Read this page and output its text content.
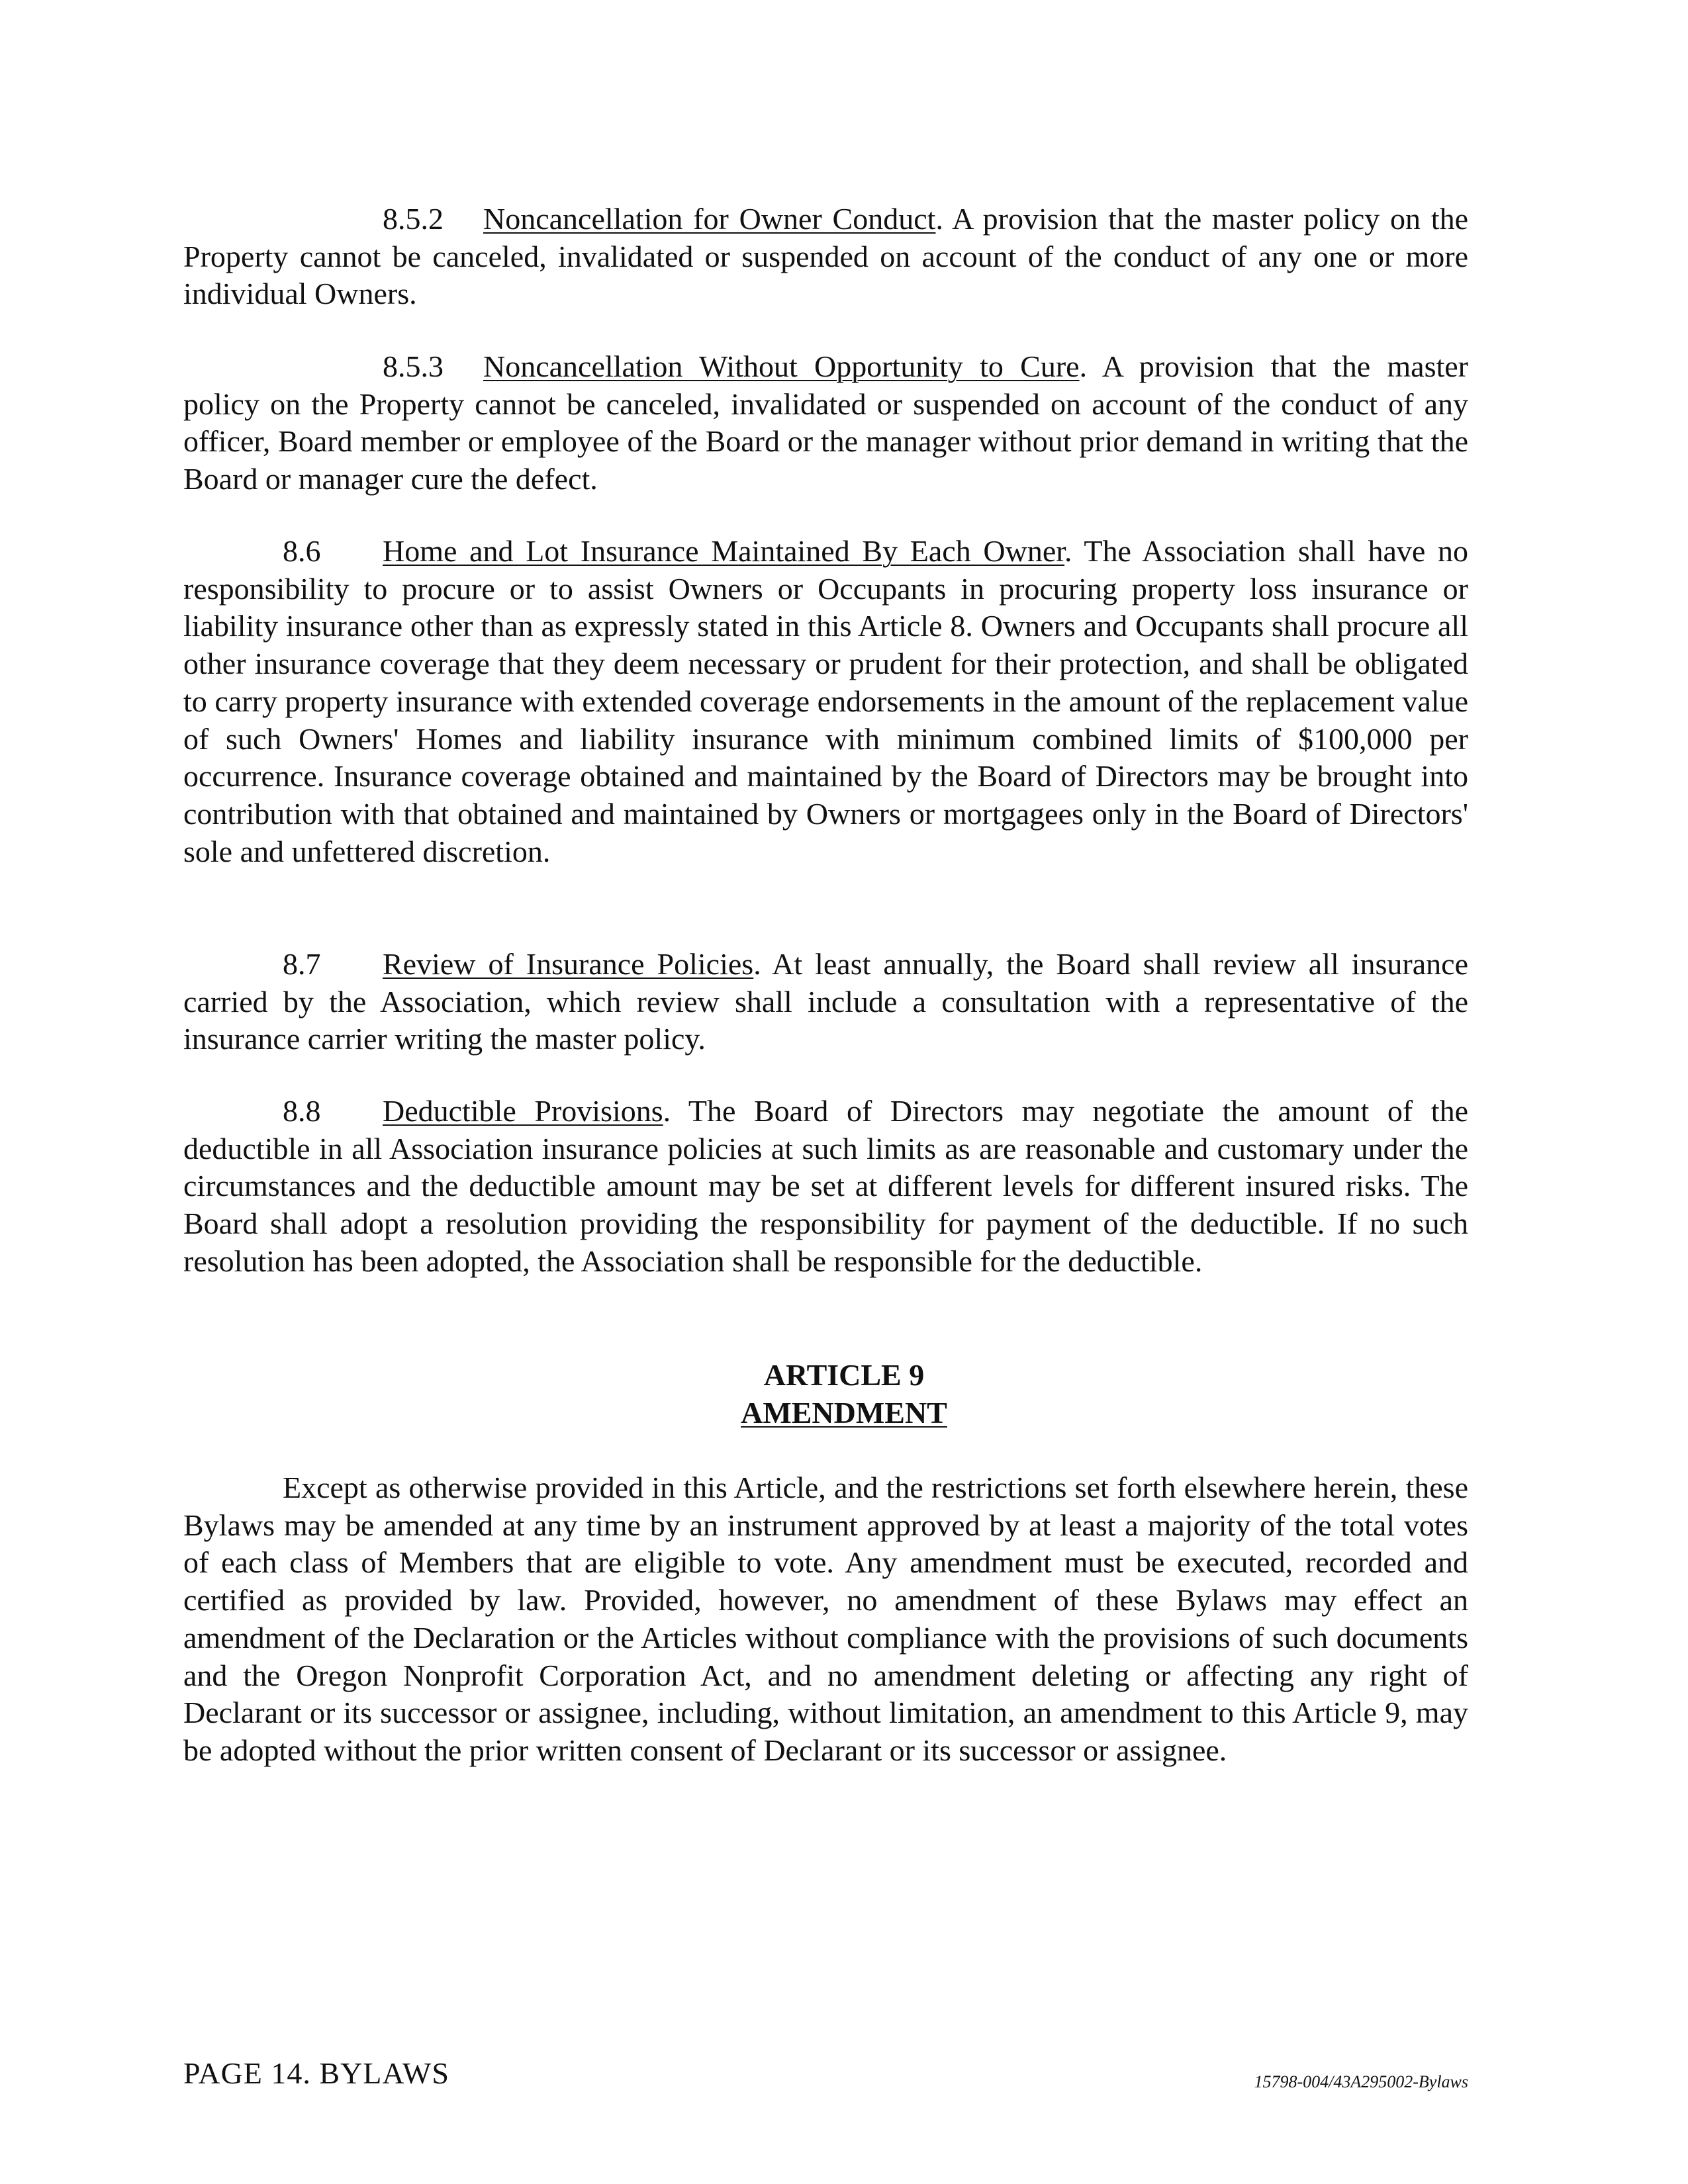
8.5.2 Noncancellation for Owner Conduct. A provision that the master policy on the Property cannot be canceled, invalidated or suspended on account of the conduct of any one or more individual Owners.

8.5.3 Noncancellation Without Opportunity to Cure. A provision that the master policy on the Property cannot be canceled, invalidated or suspended on account of the conduct of any officer, Board member or employee of the Board or the manager without prior demand in writing that the Board or manager cure the defect.

8.6 Home and Lot Insurance Maintained By Each Owner. The Association shall have no responsibility to procure or to assist Owners or Occupants in procuring property loss insurance or liability insurance other than as expressly stated in this Article 8. Owners and Occupants shall procure all other insurance coverage that they deem necessary or prudent for their protection, and shall be obligated to carry property insurance with extended coverage endorsements in the amount of the replacement value of such Owners' Homes and liability insurance with minimum combined limits of $100,000 per occurrence. Insurance coverage obtained and maintained by the Board of Directors may be brought into contribution with that obtained and maintained by Owners or mortgagees only in the Board of Directors' sole and unfettered discretion.

8.7 Review of Insurance Policies. At least annually, the Board shall review all insurance carried by the Association, which review shall include a consultation with a representative of the insurance carrier writing the master policy.

8.8 Deductible Provisions. The Board of Directors may negotiate the amount of the deductible in all Association insurance policies at such limits as are reasonable and customary under the circumstances and the deductible amount may be set at different levels for different insured risks. The Board shall adopt a resolution providing the responsibility for payment of the deductible. If no such resolution has been adopted, the Association shall be responsible for the deductible.

ARTICLE 9

AMENDMENT

Except as otherwise provided in this Article, and the restrictions set forth elsewhere herein, these Bylaws may be amended at any time by an instrument approved by at least a majority of the total votes of each class of Members that are eligible to vote. Any amendment must be executed, recorded and certified as provided by law. Provided, however, no amendment of these Bylaws may effect an amendment of the Declaration or the Articles without compliance with the provisions of such documents and the Oregon Nonprofit Corporation Act, and no amendment deleting or affecting any right of Declarant or its successor or assignee, including, without limitation, an amendment to this Article 9, may be adopted without the prior written consent of Declarant or its successor or assignee.

PAGE 14. BYLAWS	15798-004/43A295002-Bylaws
